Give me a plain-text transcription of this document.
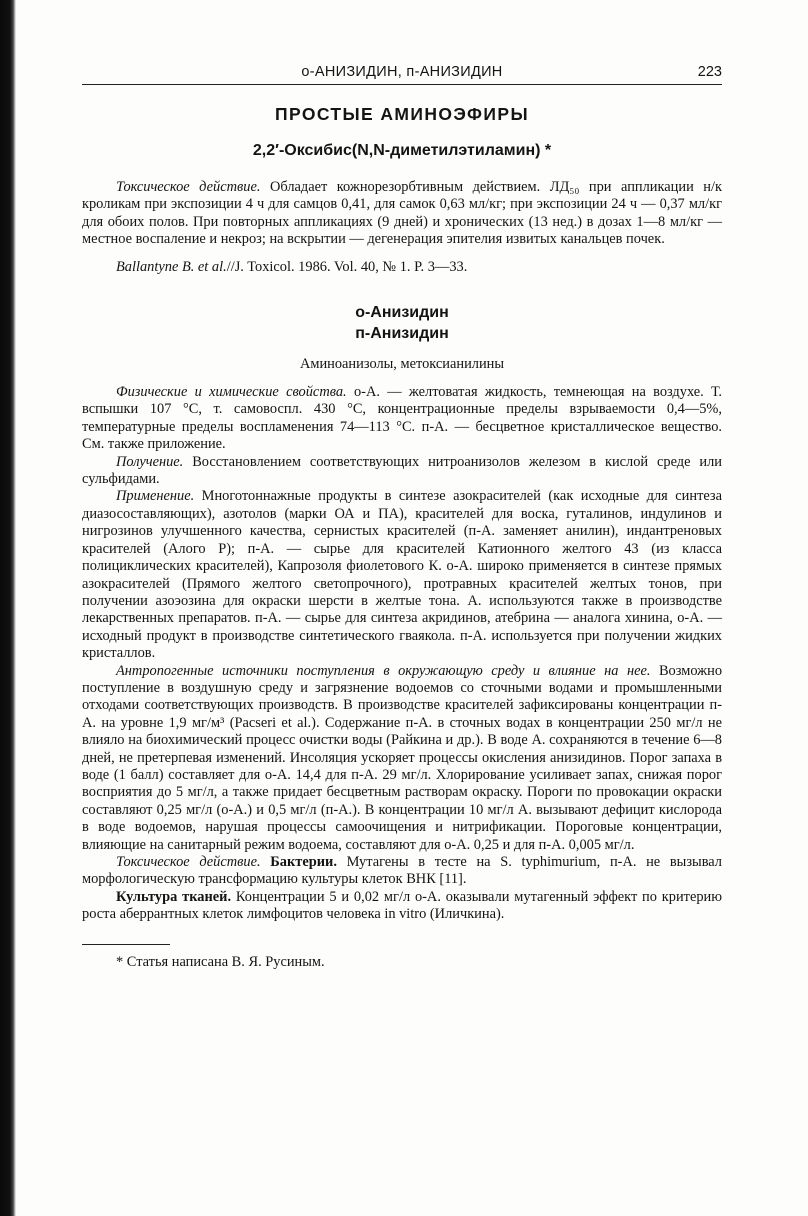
о-АНИЗИДИН, п-АНИЗИДИН	223
ПРОСТЫЕ АМИНОЭФИРЫ
2,2′-Оксибис(N,N-диметилэтиламин) *

Токсическое действие. Обладает кожнорезорбтивным действием. ЛД₅₀ при аппликации н/к кроликам при экспозиции 4 ч для самцов 0,41, для самок 0,63 мл/кг; при экспозиции 24 ч — 0,37 мл/кг для обоих полов. При повторных аппликациях (9 дней) и хронических (13 нед.) в дозах 1—8 мл/кг — местное воспаление и некроз; на вскрытии — дегенерация эпителия извитых канальцев почек.

Ballantyne B. et al.//J. Toxicol. 1986. Vol. 40, № 1. P. 3—33.

о-Анизидин
п-Анизидин
Аминоанизолы, метоксианилины

Физические и химические свойства. о-А. — желтоватая жидкость, темнеющая на воздухе. Т. вспышки 107 °С, т. самовоспл. 430 °С, концентрационные пределы взрываемости 0,4—5%, температурные пределы воспламенения 74—113 °С. п-А. — бесцветное кристаллическое вещество. См. также приложение.

Получение. Восстановлением соответствующих нитроанизолов железом в кислой среде или сульфидами.

Применение. Многотоннажные продукты в синтезе азокрасителей (как исходные для синтеза диазосоставляющих), азотолов (марки ОА и ПА), красителей для воска, гуталинов, индулинов и нигрозинов улучшенного качества, сернистых красителей (п-А. заменяет анилин), индантреновых красителей (Алого Р); п-А. — сырье для красителей Катионного желтого 43 (из класса полициклических красителей), Капрозоля фиолетового К. о-А. широко применяется в синтезе прямых азокрасителей (Прямого желтого светопрочного), протравных красителей желтых тонов, при получении азоэозина для окраски шерсти в желтые тона. А. используются также в производстве лекарственных препаратов. п-А. — сырье для синтеза акридинов, атебрина — аналога хинина, о-А. — исходный продукт в производстве синтетического гваякола. п-А. используется при получении жидких кристаллов.

Антропогенные источники поступления в окружающую среду и влияние на нее. Возможно поступление в воздушную среду и загрязнение водоемов со сточными водами и промышленными отходами соответствующих производств. В производстве красителей зафиксированы концентрации п-А. на уровне 1,9 мг/м³ (Pacseri et al.). Содержание п-А. в сточных водах в концентрации 250 мг/л не влияло на биохимический процесс очистки воды (Райкина и др.). В воде А. сохраняются в течение 6—8 дней, не претерпевая изменений. Инсоляция ускоряет процессы окисления анизидинов. Порог запаха в воде (1 балл) составляет для о-А. 14,4 для п-А. 29 мг/л. Хлорирование усиливает запах, снижая порог восприятия до 5 мг/л, а также придает бесцветным растворам окраску. Пороги по провокации окраски составляют 0,25 мг/л (о-А.) и 0,5 мг/л (п-А.). В концентрации 10 мг/л А. вызывают дефицит кислорода в воде водоемов, нарушая процессы самоочищения и нитрификации. Пороговые концентрации, влияющие на санитарный режим водоема, составляют для о-А. 0,25 и для п-А. 0,005 мг/л.

Токсическое действие. Бактерии. Мутагены в тесте на S. typhimurium, п-А. не вызывал морфологическую трансформацию культуры клеток ВНК [11].

Культура тканей. Концентрации 5 и 0,02 мг/л о-А. оказывали мутагенный эффект по критерию роста аберрантных клеток лимфоцитов человека in vitro (Иличкина).

* Статья написана В. Я. Русиным.
